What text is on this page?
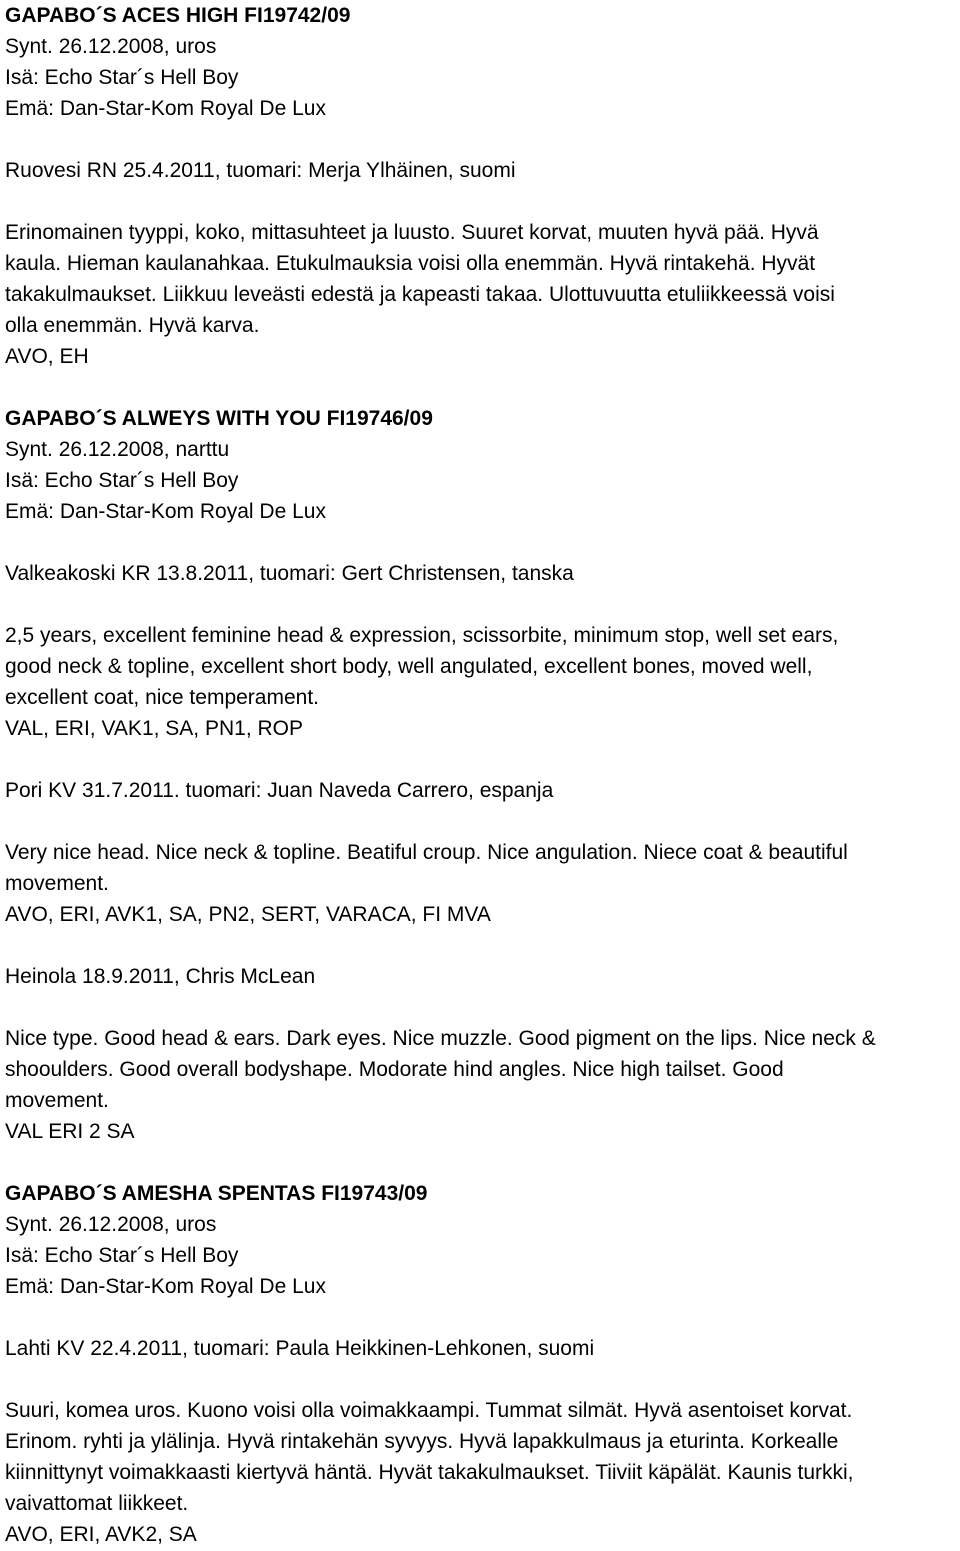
GAPABO´S ACES HIGH FI19742/09

Synt. 26.12.2008, uros

Isä: Echo Star´s Hell Boy

Emä: Dan-Star-Kom Royal De Lux

Ruovesi RN 25.4.2011, tuomari: Merja Ylhäinen, suomi

Erinomainen tyyppi, koko, mittasuhteet ja luusto. Suuret korvat, muuten hyvä pää. Hyvä

kaula. Hieman kaulanahkaa. Etukulmauksia voisi olla enemmän. Hyvä rintakehä. Hyvät

takakulmaukset. Liikkuu leveästi edestä ja kapeasti takaa. Ulottuvuutta etuliikkeessä voisi

olla enemmän. Hyvä karva.

AVO, EH

GAPABO´S ALWEYS WITH YOU FI19746/09

Synt. 26.12.2008, narttu

Isä: Echo Star´s Hell Boy

Emä: Dan-Star-Kom Royal De Lux

Valkeakoski KR 13.8.2011, tuomari: Gert Christensen, tanska

2,5 years, excellent feminine head & expression, scissorbite, minimum stop, well set ears,

good neck & topline, excellent short body, well angulated, excellent bones, moved well,

excellent coat, nice temperament.

VAL, ERI, VAK1, SA, PN1, ROP

Pori KV 31.7.2011. tuomari: Juan Naveda Carrero, espanja

Very nice head. Nice neck & topline. Beatiful croup. Nice angulation. Niece coat & beautiful

movement.

AVO, ERI, AVK1, SA, PN2, SERT, VARACA, FI MVA

Heinola 18.9.2011, Chris McLean

Nice type. Good head & ears. Dark eyes. Nice muzzle. Good pigment on the lips. Nice neck &

shooulders. Good overall bodyshape. Modorate hind angles. Nice high tailset. Good

movement.

VAL ERI 2 SA

GAPABO´S AMESHA SPENTAS FI19743/09

Synt. 26.12.2008, uros

Isä: Echo Star´s Hell Boy

Emä: Dan-Star-Kom Royal De Lux

Lahti KV 22.4.2011, tuomari: Paula Heikkinen-Lehkonen, suomi

Suuri, komea uros. Kuono voisi olla voimakkaampi. Tummat silmät. Hyvä asentoiset korvat.

Erinom. ryhti ja ylälinja. Hyvä rintakehän syvyys. Hyvä lapakkulmaus ja eturinta. Korkealle

kiinnittynyt voimakkaasti kiertyvä häntä. Hyvät takakulmaukset. Tiiviit käpälät. Kaunis turkki,

vaivattomat liikkeet.

AVO, ERI, AVK2, SA
